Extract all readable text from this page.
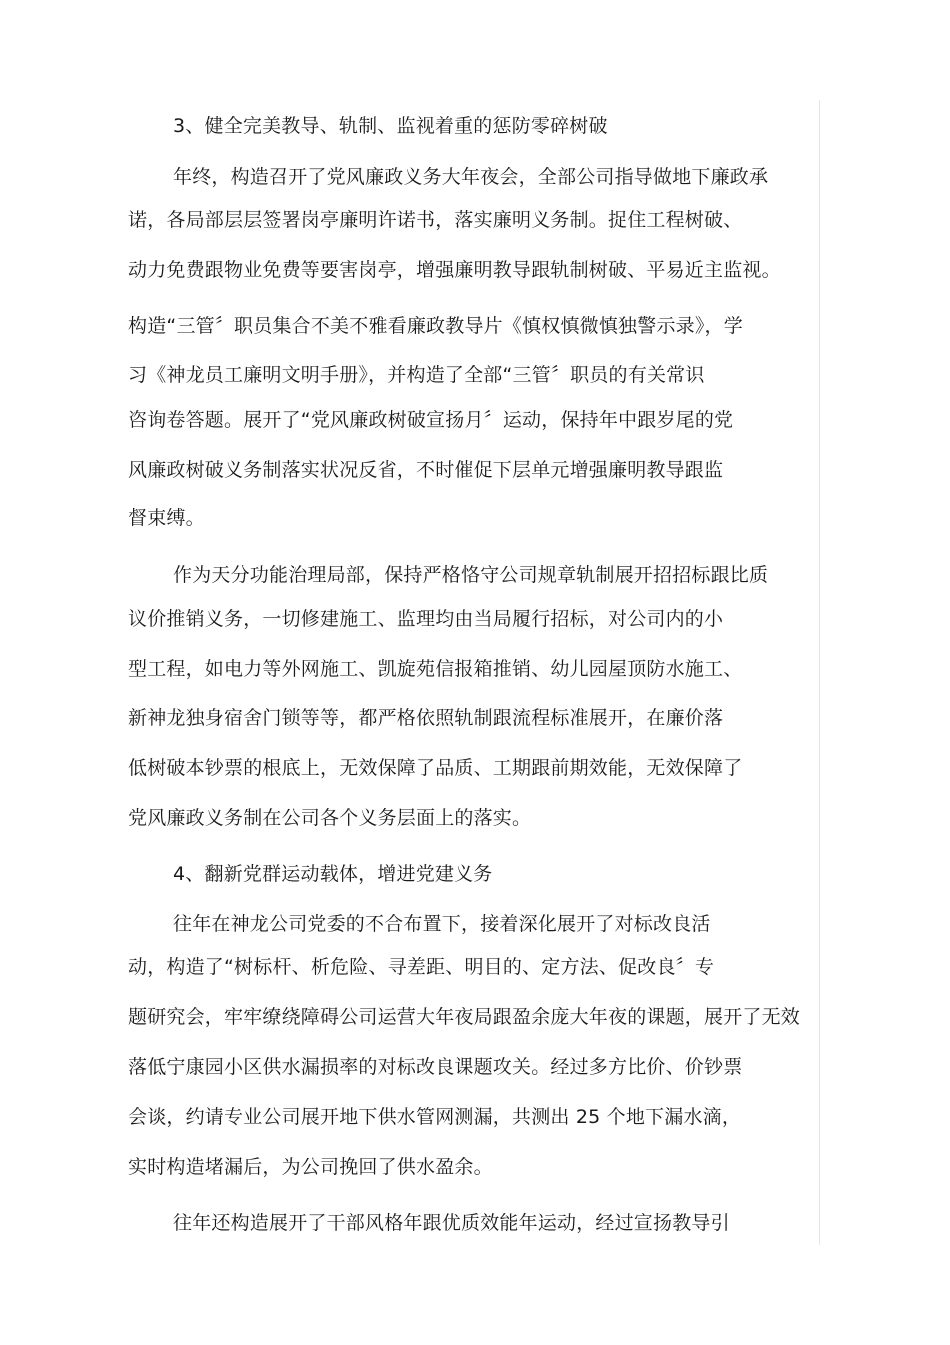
3、健全完美教导、轨制、监视着重的惩防零碎树破
年终，构造召开了党风廉政义务大年夜会，全部公司指导做地下廉政承
诺，各局部层层签署岗亭廉明许诺书，落实廉明义务制。捉住工程树破、
动力免费跟物业免费等要害岗亭，增强廉明教导跟轨制树破、平易近主监视。
构造“三管〞职员集合不美不雅看廉政教导片《慎权慎微慎独警示录》，学
习《神龙员工廉明文明手册》，并构造了全部“三管〞职员的有关常识
咨询卷答题。展开了“党风廉政树破宣扬月〞运动，保持年中跟岁尾的党
风廉政树破义务制落实状况反省，不时催促下层单元增强廉明教导跟监
督束缚。
作为天分功能治理局部，保持严格恪守公司规章轨制展开招招标跟比质
议价推销义务，一切修建施工、监理均由当局履行招标，对公司内的小
型工程，如电力等外网施工、凯旋苑信报箱推销、幼儿园屋顶防水施工、
新神龙独身宿舍门锁等等，都严格依照轨制跟流程标准展开，在廉价落
低树破本钞票的根底上，无效保障了品质、工期跟前期效能，无效保障了
党风廉政义务制在公司各个义务层面上的落实。
4、翻新党群运动载体，增进党建义务
往年在神龙公司党委的不合布置下，接着深化展开了对标改良活
动，构造了“树标杆、析危险、寻差距、明目的、定方法、促改良〞专
题研究会，牢牢缭绕障碍公司运营大年夜局跟盈余庞大年夜的课题，展开了无效
落低宁康园小区供水漏损率的对标改良课题攻关。经过多方比价、价钞票
会谈，约请专业公司展开地下供水管网测漏，共测出 25 个地下漏水滴，
实时构造堵漏后，为公司挽回了供水盈余。
往年还构造展开了干部风格年跟优质效能年运动，经过宣扬教导引
